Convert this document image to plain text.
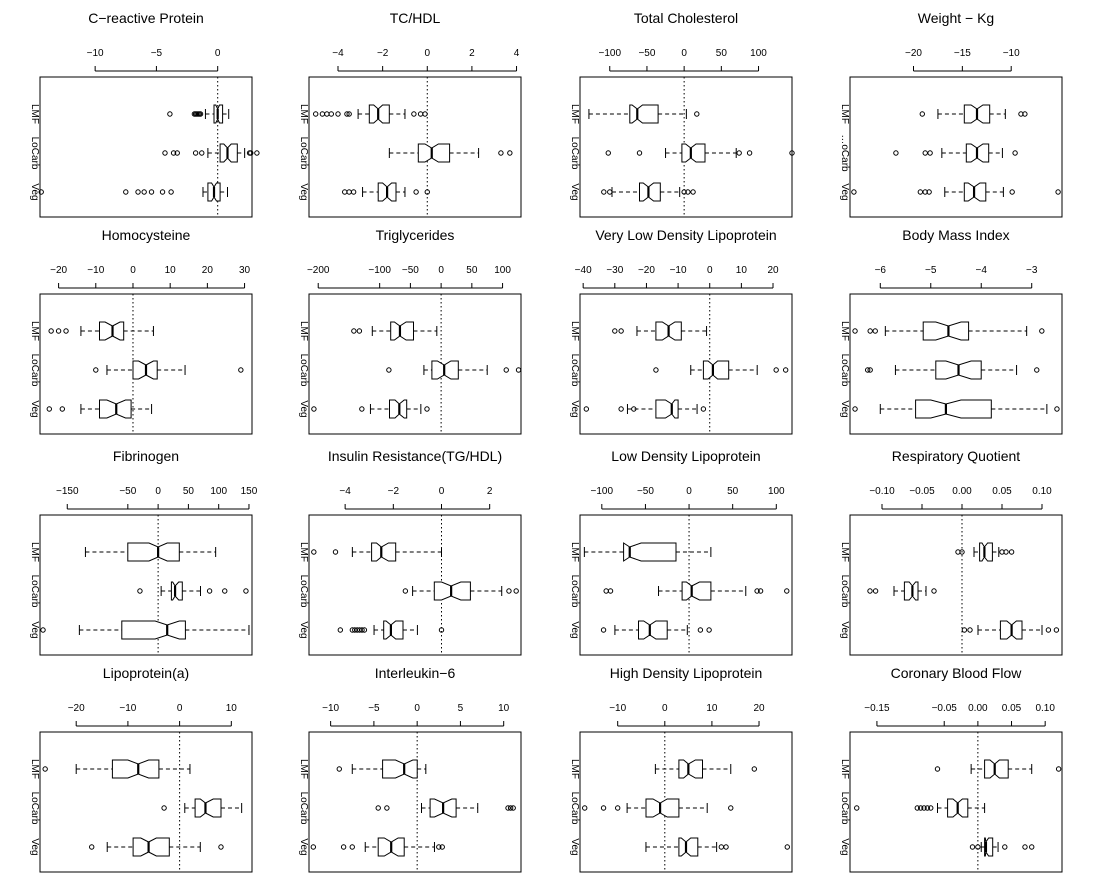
C−reactive Protein
−10	−5	0
LMF
LoCarb
Veg
TC/HDL
−4	−2	0	2	4
LMF
LoCarb
Veg
Total Cholesterol
−100 −50	0	50 100
LMF
LoCarb
Veg
Weight − Kg
−20	−15	−10
LMF
…oCarb
Veg
Homocysteine
−20 −10	0	10	20	30
LMF
LoCarb
Veg
Triglycerides
−200	−100 −50 0 50 100
LMF
LoCarb
Veg
Very Low Density Lipoprotein
−40 −30 −20 −10 0 10 20
LMF
LoCarb
Veg
Body Mass Index
−6	−5	−4	−3
LMF
LoCarb
Veg
Fibrinogen
−150	−50 0 50 100 150
LMF
LoCarb
Veg
Insulin Resistance(TG/HDL)
−4	−2	0	2
LMF
LoCarb
Veg
Low Density Lipoprotein
−100 −50	0	50	100
LMF
LoCarb
Veg
Respiratory Quotient
−0.10 −0.05 0.00 0.05 0.10
LMF
LoCarb
Veg
Lipoprotein(a)
−20	−10	0	10
LMF
LoCarb
Veg
Interleukin−6
−10	−5	0	5	10
LMF
LoCarb
Veg
High Density Lipoprotein
−10	0	10	20
LMF
LoCarb
Veg
Coronary Blood Flow
−0.15	−0.05 0.00 0.05 0.10
LMF
LoCarb
Veg
